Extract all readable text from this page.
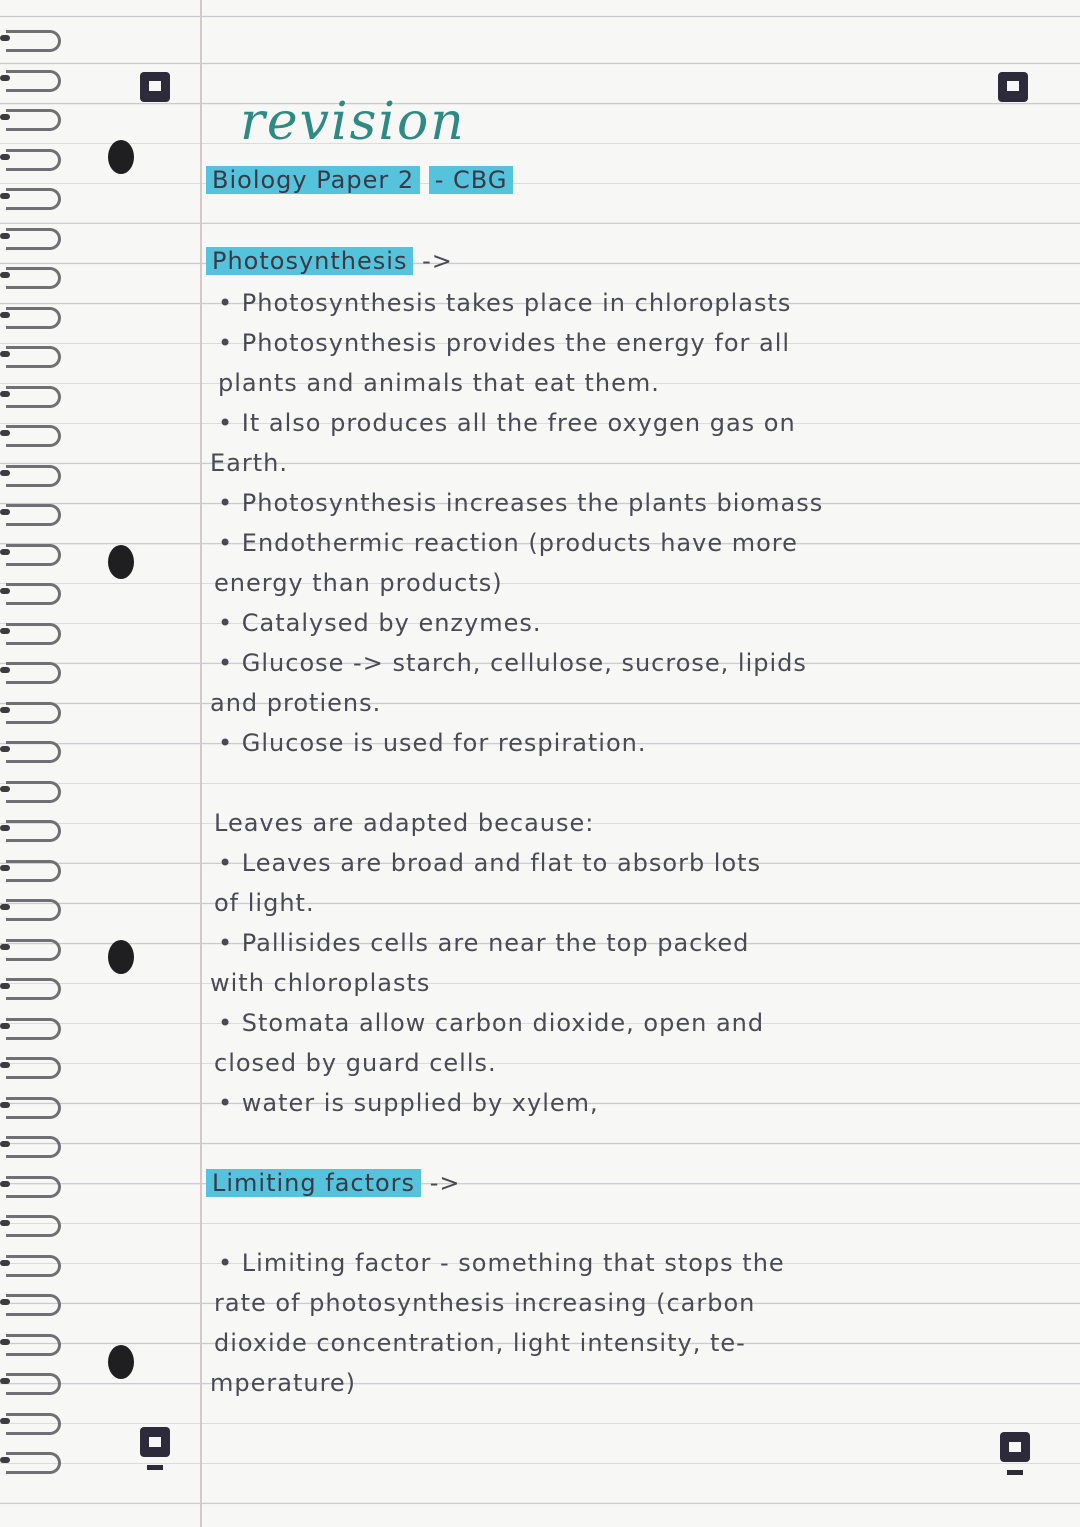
revision
Biology Paper 2 - CBG
Photosynthesis ->
• Photosynthesis takes place in chloroplasts
• Photosynthesis provides the energy for all
plants and animals that eat them.
• It also produces all the free oxygen gas on
Earth.
• Photosynthesis increases the plants biomass
• Endothermic reaction (products have more
energy than products)
• Catalysed by enzymes.
• Glucose -> starch, cellulose, sucrose, lipids
and protiens.
• Glucose is used for respiration.
Leaves are adapted because:
• Leaves are broad and flat to absorb lots
of light.
• Pallisides cells are near the top packed
with chloroplasts
• Stomata allow carbon dioxide, open and
closed by guard cells.
• water is supplied by xylem,
Limiting factors ->
• Limiting factor - something that stops the
rate of photosynthesis increasing (carbon
dioxide concentration, light intensity, te-
mperature)
